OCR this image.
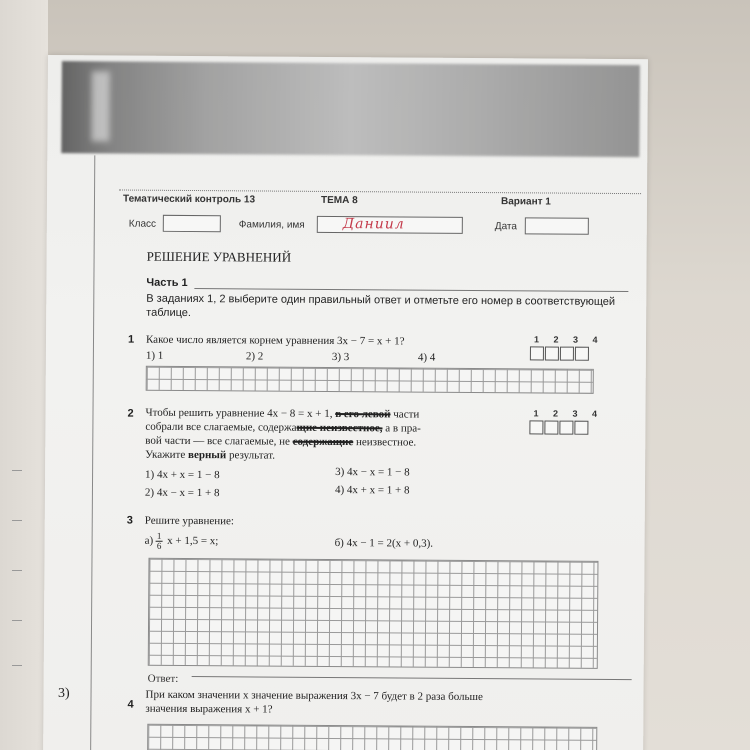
Тематический контроль 13	ТЕМА 8	Вариант 1
Класс	Фамилия, имя	Даниил	Дата
РЕШЕНИЕ УРАВНЕНИЙ
Часть 1
В заданиях 1, 2 выберите один правильный ответ и отметьте его номер в соответствующей таблице.
1 Какое число является корнем уравнения 3x − 7 = x + 1?
1) 1	2) 2	3) 3	4) 4
1 2 3 4
2 Чтобы решить уравнение 4x − 8 = x + 1, в его левой части
собрали все слагаемые, содержащие неизвестное, а в пра-
вой части — все слагаемые, не содержащие неизвестное.
Укажите верный результат.
1 2 3 4
1) 4x + x = 1 − 8
2) 4x − x = 1 + 8
3) 4x − x = 1 − 8
4) 4x + x = 1 + 8
3 Решите уравнение:
$а) \frac{1}{6}$ x + 1,5 = x;	б) 4x − 1 = 2(x + 0,3).
Ответ:
4
При каком значении x значение выражения 3x − 7 будет в 2 раза больше
значения выражения x + 1?
3)
